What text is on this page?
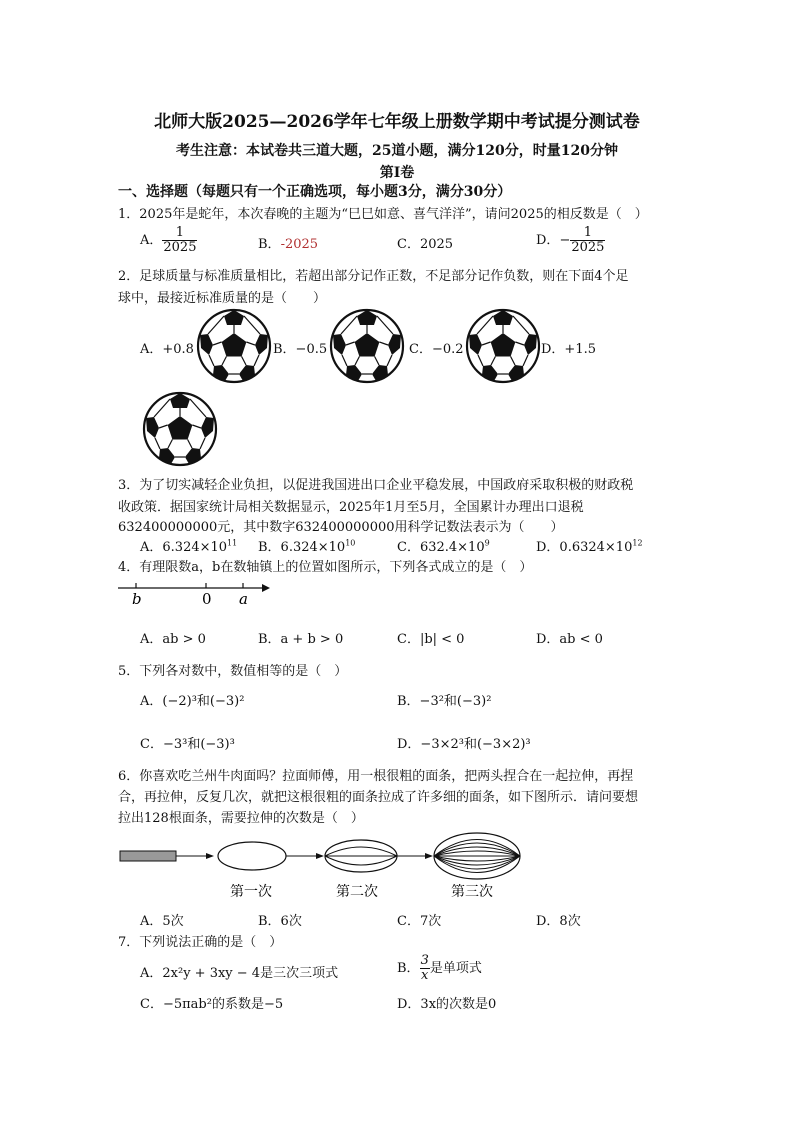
北师大版2025—2026学年七年级上册数学期中考试提分测试卷
考生注意：本试卷共三道大题，25道小题，满分120分，时量120分钟
第Ⅰ卷
一、选择题（每题只有一个正确选项，每小题3分，满分30分）
1．2025年是蛇年，本次春晚的主题为“巳巳如意、喜气洋洋”，请问2025的相反数是（　）
A． $\frac{1}{2025}$	B．-2025	C．2025	D．− $\frac{1}{2025}$
2．足球质量与标准质量相比，若超出部分记作正数，不足部分记作负数，则在下面4个足
球中，最接近标准质量的是（　　）
A．+0.8	B．−0.5	C．−0.2	D．+1.5
3．为了切实减轻企业负担，以促进我国进出口企业平稳发展，中国政府采取积极的财政税
收政策．据国家统计局相关数据显示，2025年1月至5月，全国累计办理出口退税
632400000000元，其中数字632400000000用科学记数法表示为（　　）
A．$6.324\times 10^{11}$ B．$6.324\times 10^{10}$	C．$632.4\times 10^9$	D．$0.6324\times 10^{12}$
4．有理限数a，b在数轴镇上的位置如图所示，下列各式成立的是（　）
b	0 a
A．ab > 0	B．a + b > 0	C．|b| < 0	D．ab < 0
5．下列各对数中，数值相等的是（　）
A．(−2)³和(−3)²	B．−3²和(−3)²
C．−3³和(−3)³	D．−3×2³和(−3×2)³
6．你喜欢吃兰州牛肉面吗？拉面师傅，用一根很粗的面条，把两头捏合在一起拉伸，再捏
合，再拉伸，反复几次，就把这根很粗的面条拉成了许多细的面条，如下图所示．请问要想
拉出128根面条，需要拉伸的次数是（　）
第一次	第二次	第三次
A．5次	B．6次	C．7次	D．8次
7．下列说法正确的是（　）
A．2x²y + 3xy − 4是三次三项式	B． $\frac{3}{x}$ 是单项式
C．−5πab²的系数是−5	D．3x的次数是0
